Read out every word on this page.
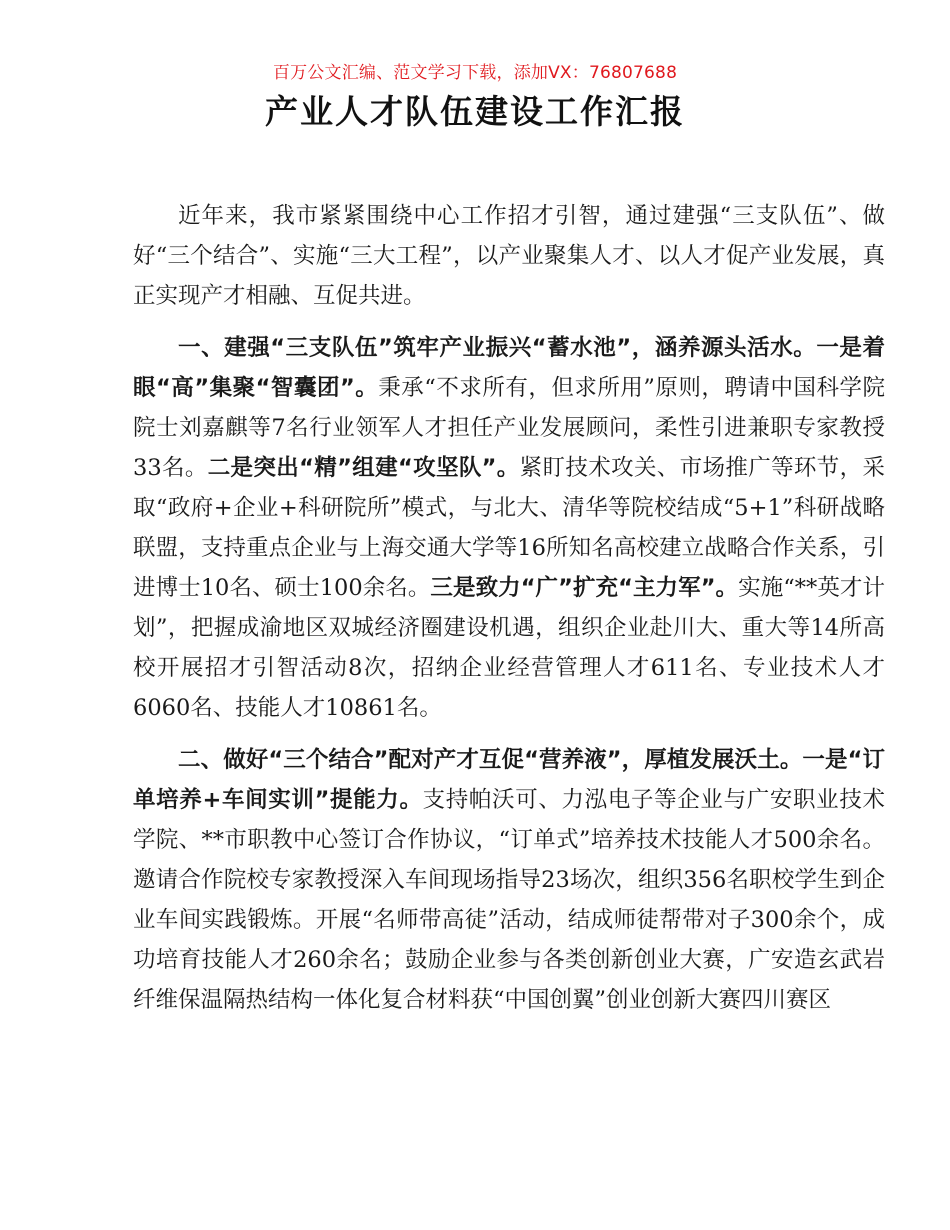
百万公文汇编、范文学习下载，添加VX：76807688
产业人才队伍建设工作汇报

近年来，我市紧紧围绕中心工作招才引智，通过建强“三支队伍”、做好“三个结合”、实施“三大工程”，以产业聚集人才、以人才促产业发展，真正实现产才相融、互促共进。

一、建强“三支队伍”筑牢产业振兴“蓄水池”，涵养源头活水。一是着眼“高”集聚“智囊团”。秉承“不求所有，但求所用”原则，聘请中国科学院院士刘嘉麒等7名行业领军人才担任产业发展顾问，柔性引进兼职专家教授33名。二是突出“精”组建“攻坚队”。紧盯技术攻关、市场推广等环节，采取“政府+企业+科研院所”模式，与北大、清华等院校结成“5+1”科研战略联盟，支持重点企业与上海交通大学等16所知名高校建立战略合作关系，引进博士10名、硕士100余名。三是致力“广”扩充“主力军”。实施“**英才计划”，把握成渝地区双城经济圈建设机遇，组织企业赴川大、重大等14所高校开展招才引智活动8次，招纳企业经营管理人才611名、专业技术人才6060名、技能人才10861名。

二、做好“三个结合”配对产才互促“营养液”，厚植发展沃土。一是“订单培养+车间实训”提能力。支持帕沃可、力泓电子等企业与广安职业技术学院、**市职教中心签订合作协议，“订单式”培养技术技能人才500余名。邀请合作院校专家教授深入车间现场指导23场次，组织356名职校学生到企业车间实践锻炼。开展“名师带高徒”活动，结成师徒帮带对子300余个，成功培育技能人才260余名；鼓励企业参与各类创新创业大赛，广安造玄武岩纤维保温隔热结构一体化复合材料获“中国创翼”创业创新大赛四川赛区
